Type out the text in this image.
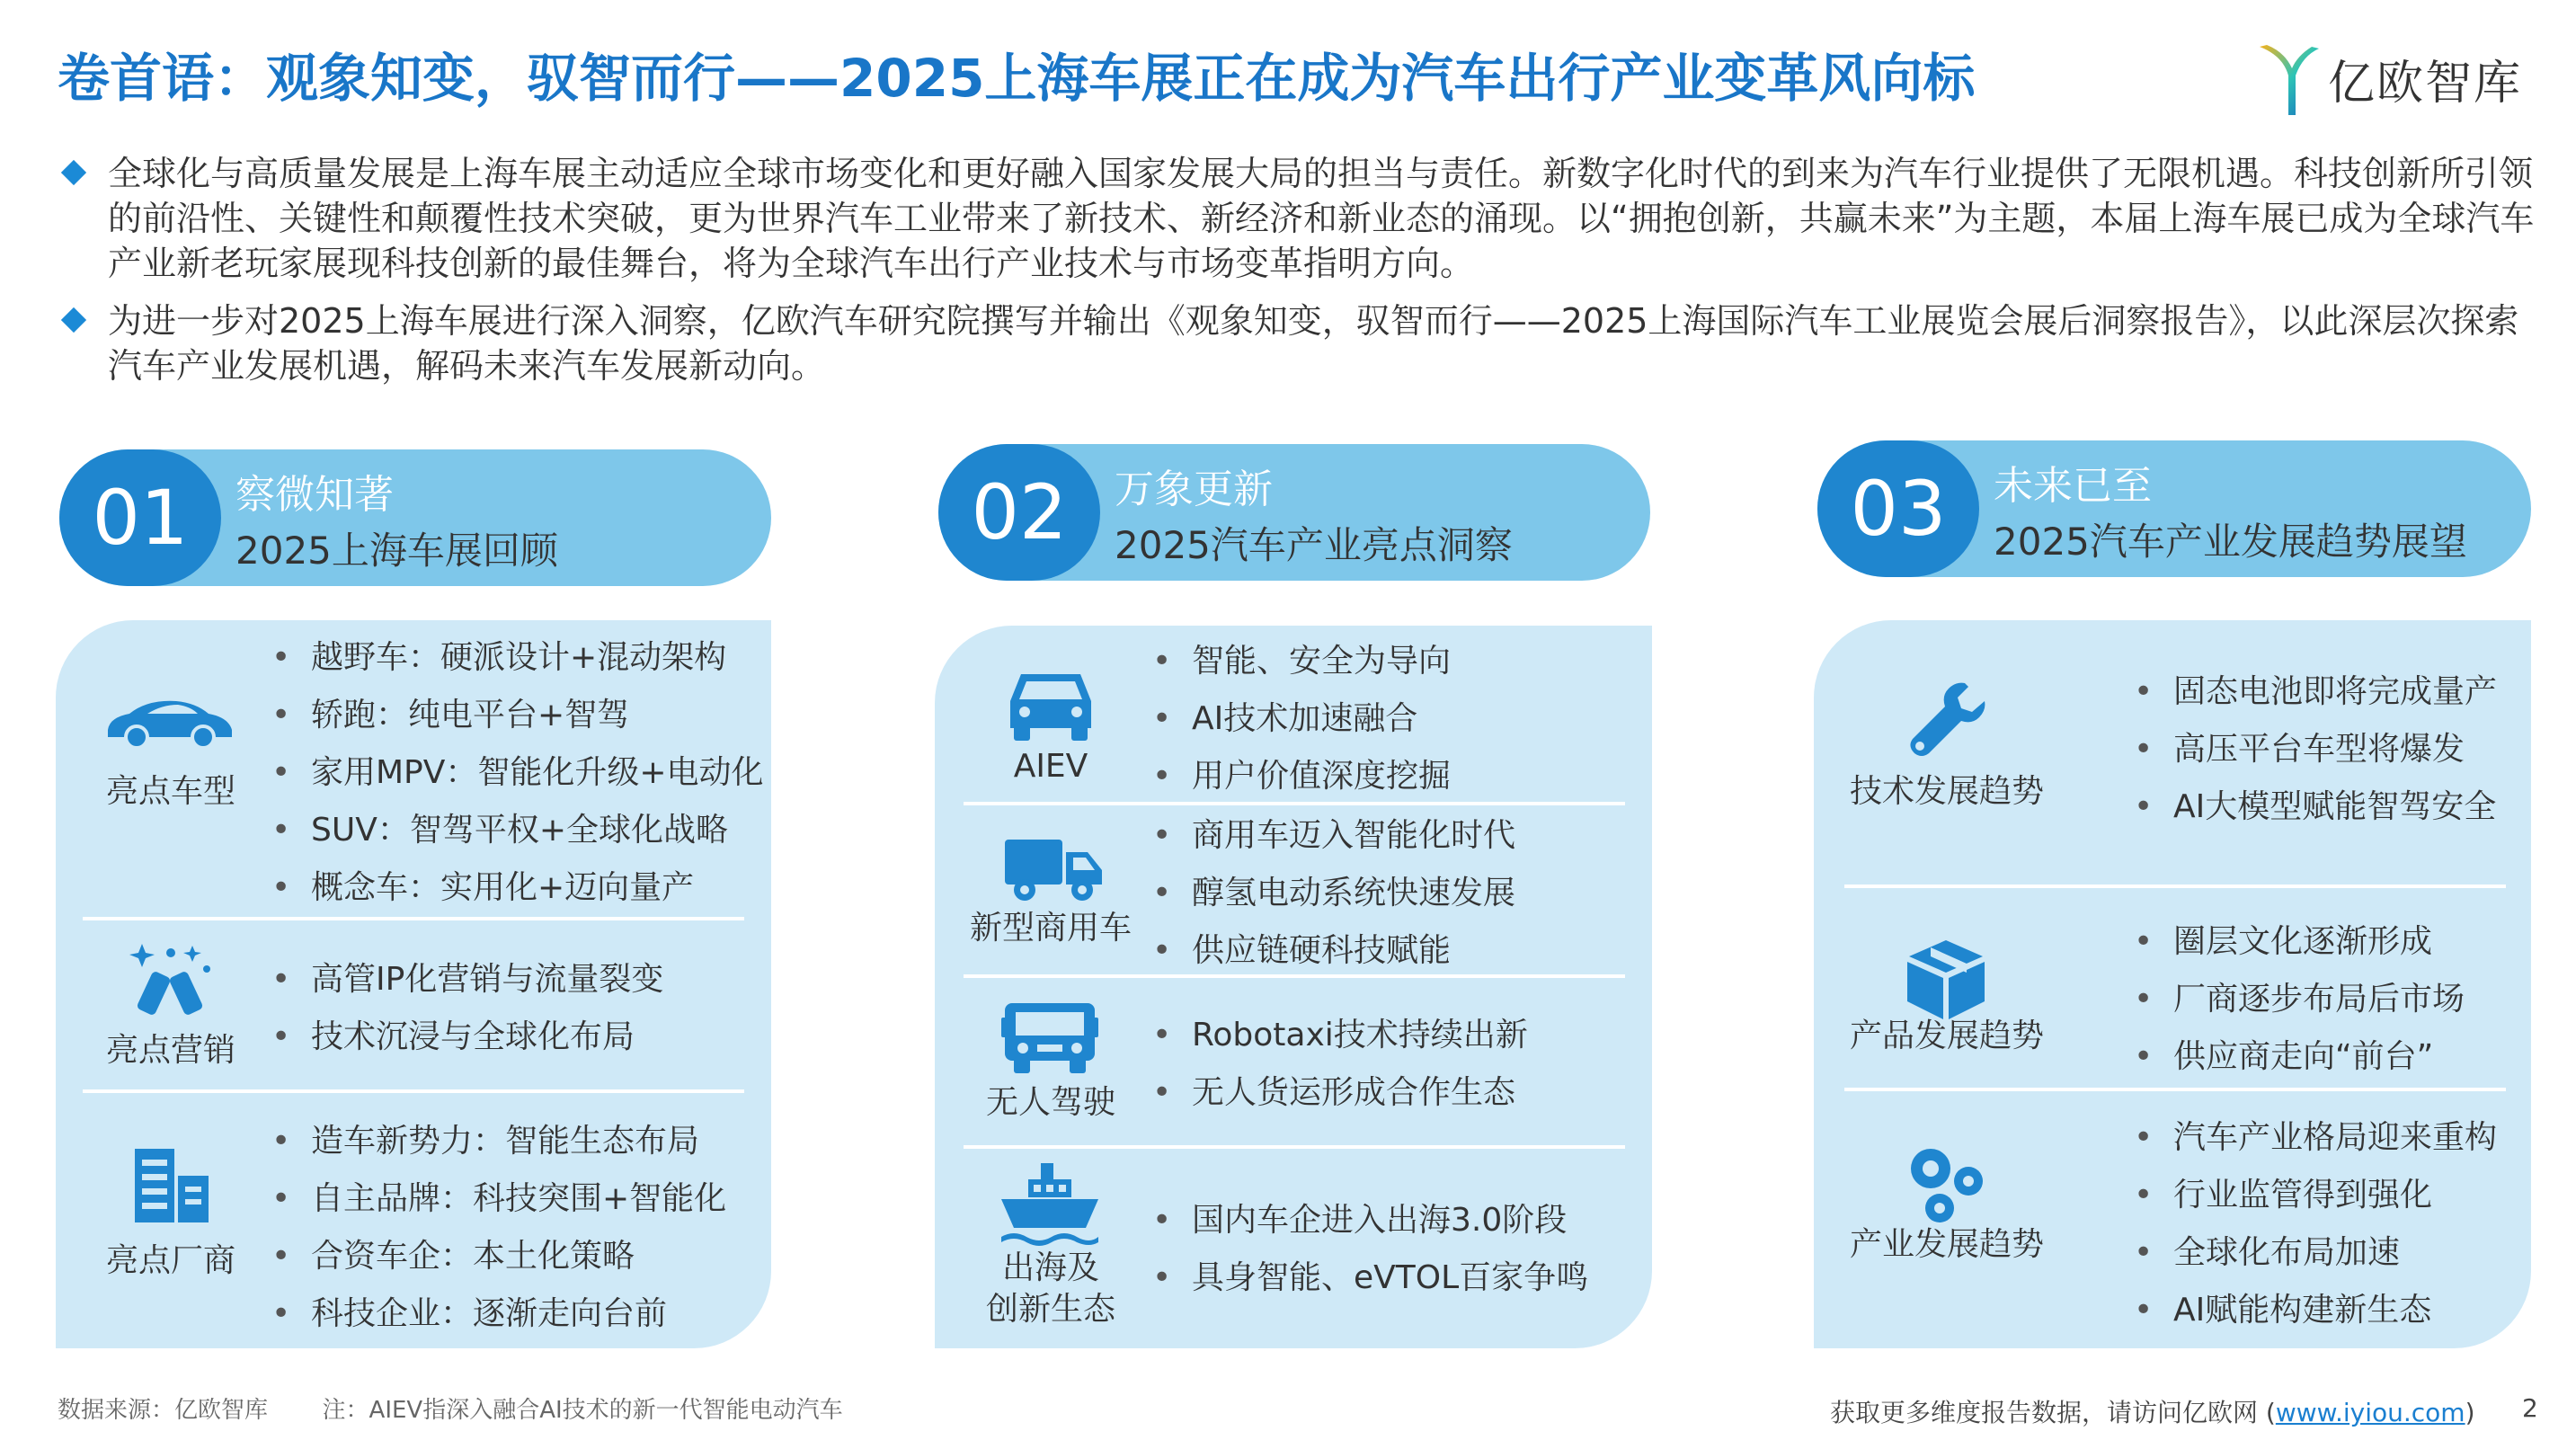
卷首语：观象知变，驭智而行——2025上海车展正在成为汽车出行产业变革风向标	亿欧智库

全球化与高质量发展是上海车展主动适应全球市场变化和更好融入国家发展大局的担当与责任。新数字化时代的到来为汽车行业提供了无限机遇。科技创新所引领的前沿性、关键性和颠覆性技术突破，更为世界汽车工业带来了新技术、新经济和新业态的涌现。以“拥抱创新，共赢未来”为主题，本届上海车展已成为全球汽车产业新老玩家展现科技创新的最佳舞台，将为全球汽车出行产业技术与市场变革指明方向。

为进一步对2025上海车展进行深入洞察，亿欧汽车研究院撰写并输出《观象知变，驭智而行——2025上海国际汽车工业展览会展后洞察报告》，以此深层次探索汽车产业发展机遇，解码未来汽车发展新动向。

01	察微知著
2025上海车展回顾
亮点车型
• 越野车：硬派设计+混动架构
• 轿跑：纯电平台+智驾
• 家用MPV：智能化升级+电动化
• SUV：智驾平权+全球化战略
• 概念车：实用化+迈向量产
亮点营销
• 高管IP化营销与流量裂变
• 技术沉浸与全球化布局
亮点厂商
• 造车新势力：智能生态布局
• 自主品牌：科技突围+智能化
• 合资车企：本土化策略
• 科技企业：逐渐走向台前
02	万象更新
2025汽车产业亮点洞察
AIEV
• 智能、安全为导向
• AI技术加速融合
• 用户价值深度挖掘
新型商用车
• 商用车迈入智能化时代
• 醇氢电动系统快速发展
• 供应链硬科技赋能
无人驾驶
• Robotaxi技术持续出新
• 无人货运形成合作生态
出海及
创新生态
• 国内车企进入出海3.0阶段
• 具身智能、eVTOL百家争鸣
03	未来已至
2025汽车产业发展趋势展望
技术发展趋势
• 固态电池即将完成量产
• 高压平台车型将爆发
• AI大模型赋能智驾安全
产品发展趋势
• 圈层文化逐渐形成
• 厂商逐步布局后市场
• 供应商走向“前台”
产业发展趋势
• 汽车产业格局迎来重构
• 行业监管得到强化
• 全球化布局加速
• AI赋能构建新生态
数据来源：亿欧智库 注：AIEV指深入融合AI技术的新一代智能电动汽车	获取更多维度报告数据，请访问亿欧网 (www.iyiou.com) 2
